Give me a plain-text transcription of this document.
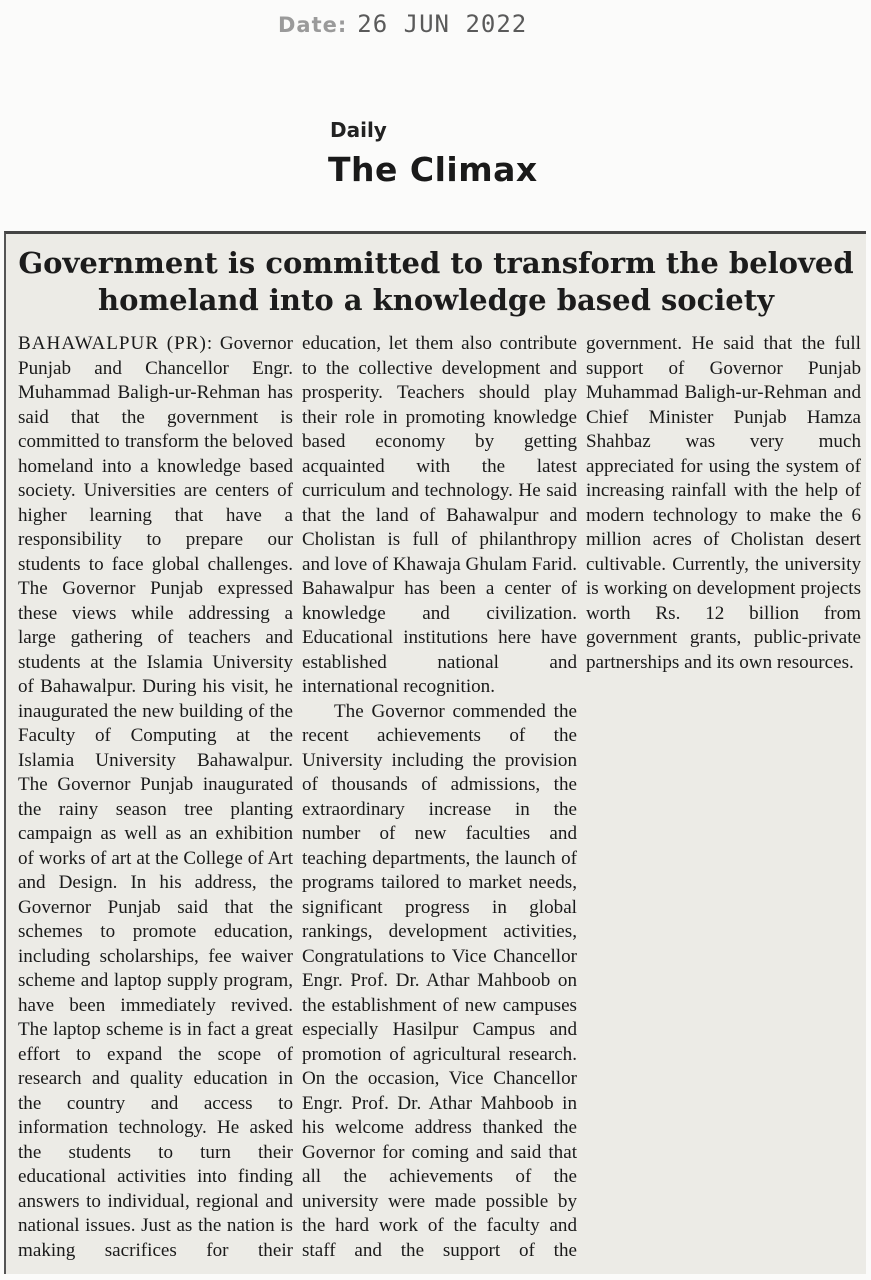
Date: 26 JUN 2022
Daily
The Climax
Government is committed to transform the beloved homeland into a knowledge based society

BAHAWALPUR (PR): Governor Punjab and Chancellor Engr. Muhammad Baligh-ur-Rehman has said that the government is committed to transform the beloved homeland into a knowledge based society. Universities are centers of higher learning that have a responsibility to prepare our students to face global challenges. The Governor Punjab expressed these views while addressing a large gathering of teachers and students at the Islamia University of Bahawalpur. During his visit, he inaugurated the new building of the Faculty of Computing at the Islamia University Bahawalpur. The Governor Punjab inaugurated the rainy season tree planting campaign as well as an exhibition of works of art at the College of Art and Design. In his address, the Governor Punjab said that the schemes to promote education, including scholarships, fee waiver scheme and laptop supply program, have been immediately revived. The laptop scheme is in fact a great effort to expand the scope of research and quality education in the country and access to information technology. He asked the students to turn their educational activities into finding answers to individual, regional and national issues. Just as the nation is making sacrifices for their education, let them also contribute to the collective development and prosperity. Teachers should play their role in promoting knowledge based economy by getting acquainted with the latest curriculum and technology. He said that the land of Bahawalpur and Cholistan is full of philanthropy and love of Khawaja Ghulam Farid. Bahawalpur has been a center of knowledge and civilization. Educational institutions here have established national and international recognition.

The Governor commended the recent achievements of the University including the provision of thousands of admissions, the extraordinary increase in the number of new faculties and teaching departments, the launch of programs tailored to market needs, significant progress in global rankings, development activities, Congratulations to Vice Chancellor Engr. Prof. Dr. Athar Mahboob on the establishment of new campuses especially Hasilpur Campus and promotion of agricultural research. On the occasion, Vice Chancellor Engr. Prof. Dr. Athar Mahboob in his welcome address thanked the Governor for coming and said that all the achievements of the university were made possible by the hard work of the faculty and staff and the support of the government. He said that the full support of Governor Punjab Muhammad Baligh-ur-Rehman and Chief Minister Punjab Hamza Shahbaz was very much appreciated for using the system of increasing rainfall with the help of modern technology to make the 6 million acres of Cholistan desert cultivable. Currently, the university is working on development projects worth Rs. 12 billion from government grants, public-private partnerships and its own resources.
